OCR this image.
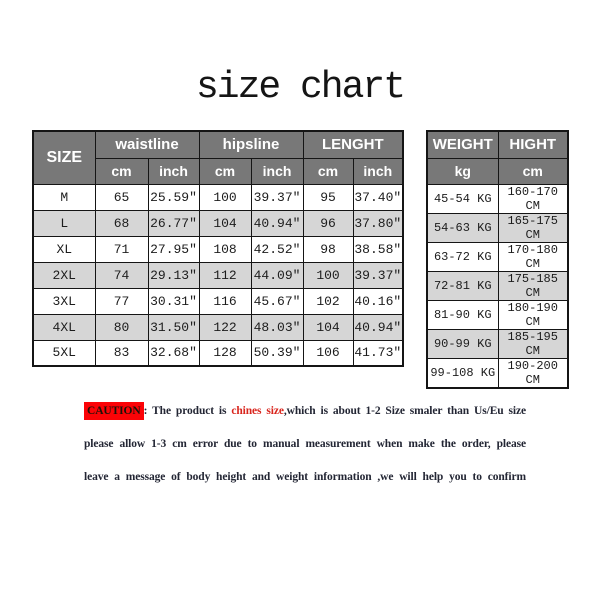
size chart
SIZE	waistline		hipsline		LENGHT	
	cm	inch	cm	inch	cm	inch
M	65	25.59″	100	39.37″	95	37.40″
L	68	26.77″	104	40.94″	96	37.80″
XL	71	27.95″	108	42.52″	98	38.58″
2XL	74	29.13″	112	44.09″	100	39.37″
3XL	77	30.31″	116	45.67″	102	40.16″
4XL	80	31.50″	122	48.03″	104	40.94″
5XL	83	32.68″	128	50.39″	106	41.73″
WEIGHT	HIGHT
kg	cm
45-54 KG	160-170 CM
54-63 KG	165-175 CM
63-72 KG	170-180 CM
72-81 KG	175-185 CM
81-90 KG	180-190 CM
90-99 KG	185-195 CM
99-108 KG	190-200 CM
CAUTION : The product is chines size,which is about 1-2 Size smaler than Us/Eu size
please allow 1-3 cm error due to manual measurement when make the order, please
leave a message of body height and weight information ,we will help you to confirm
